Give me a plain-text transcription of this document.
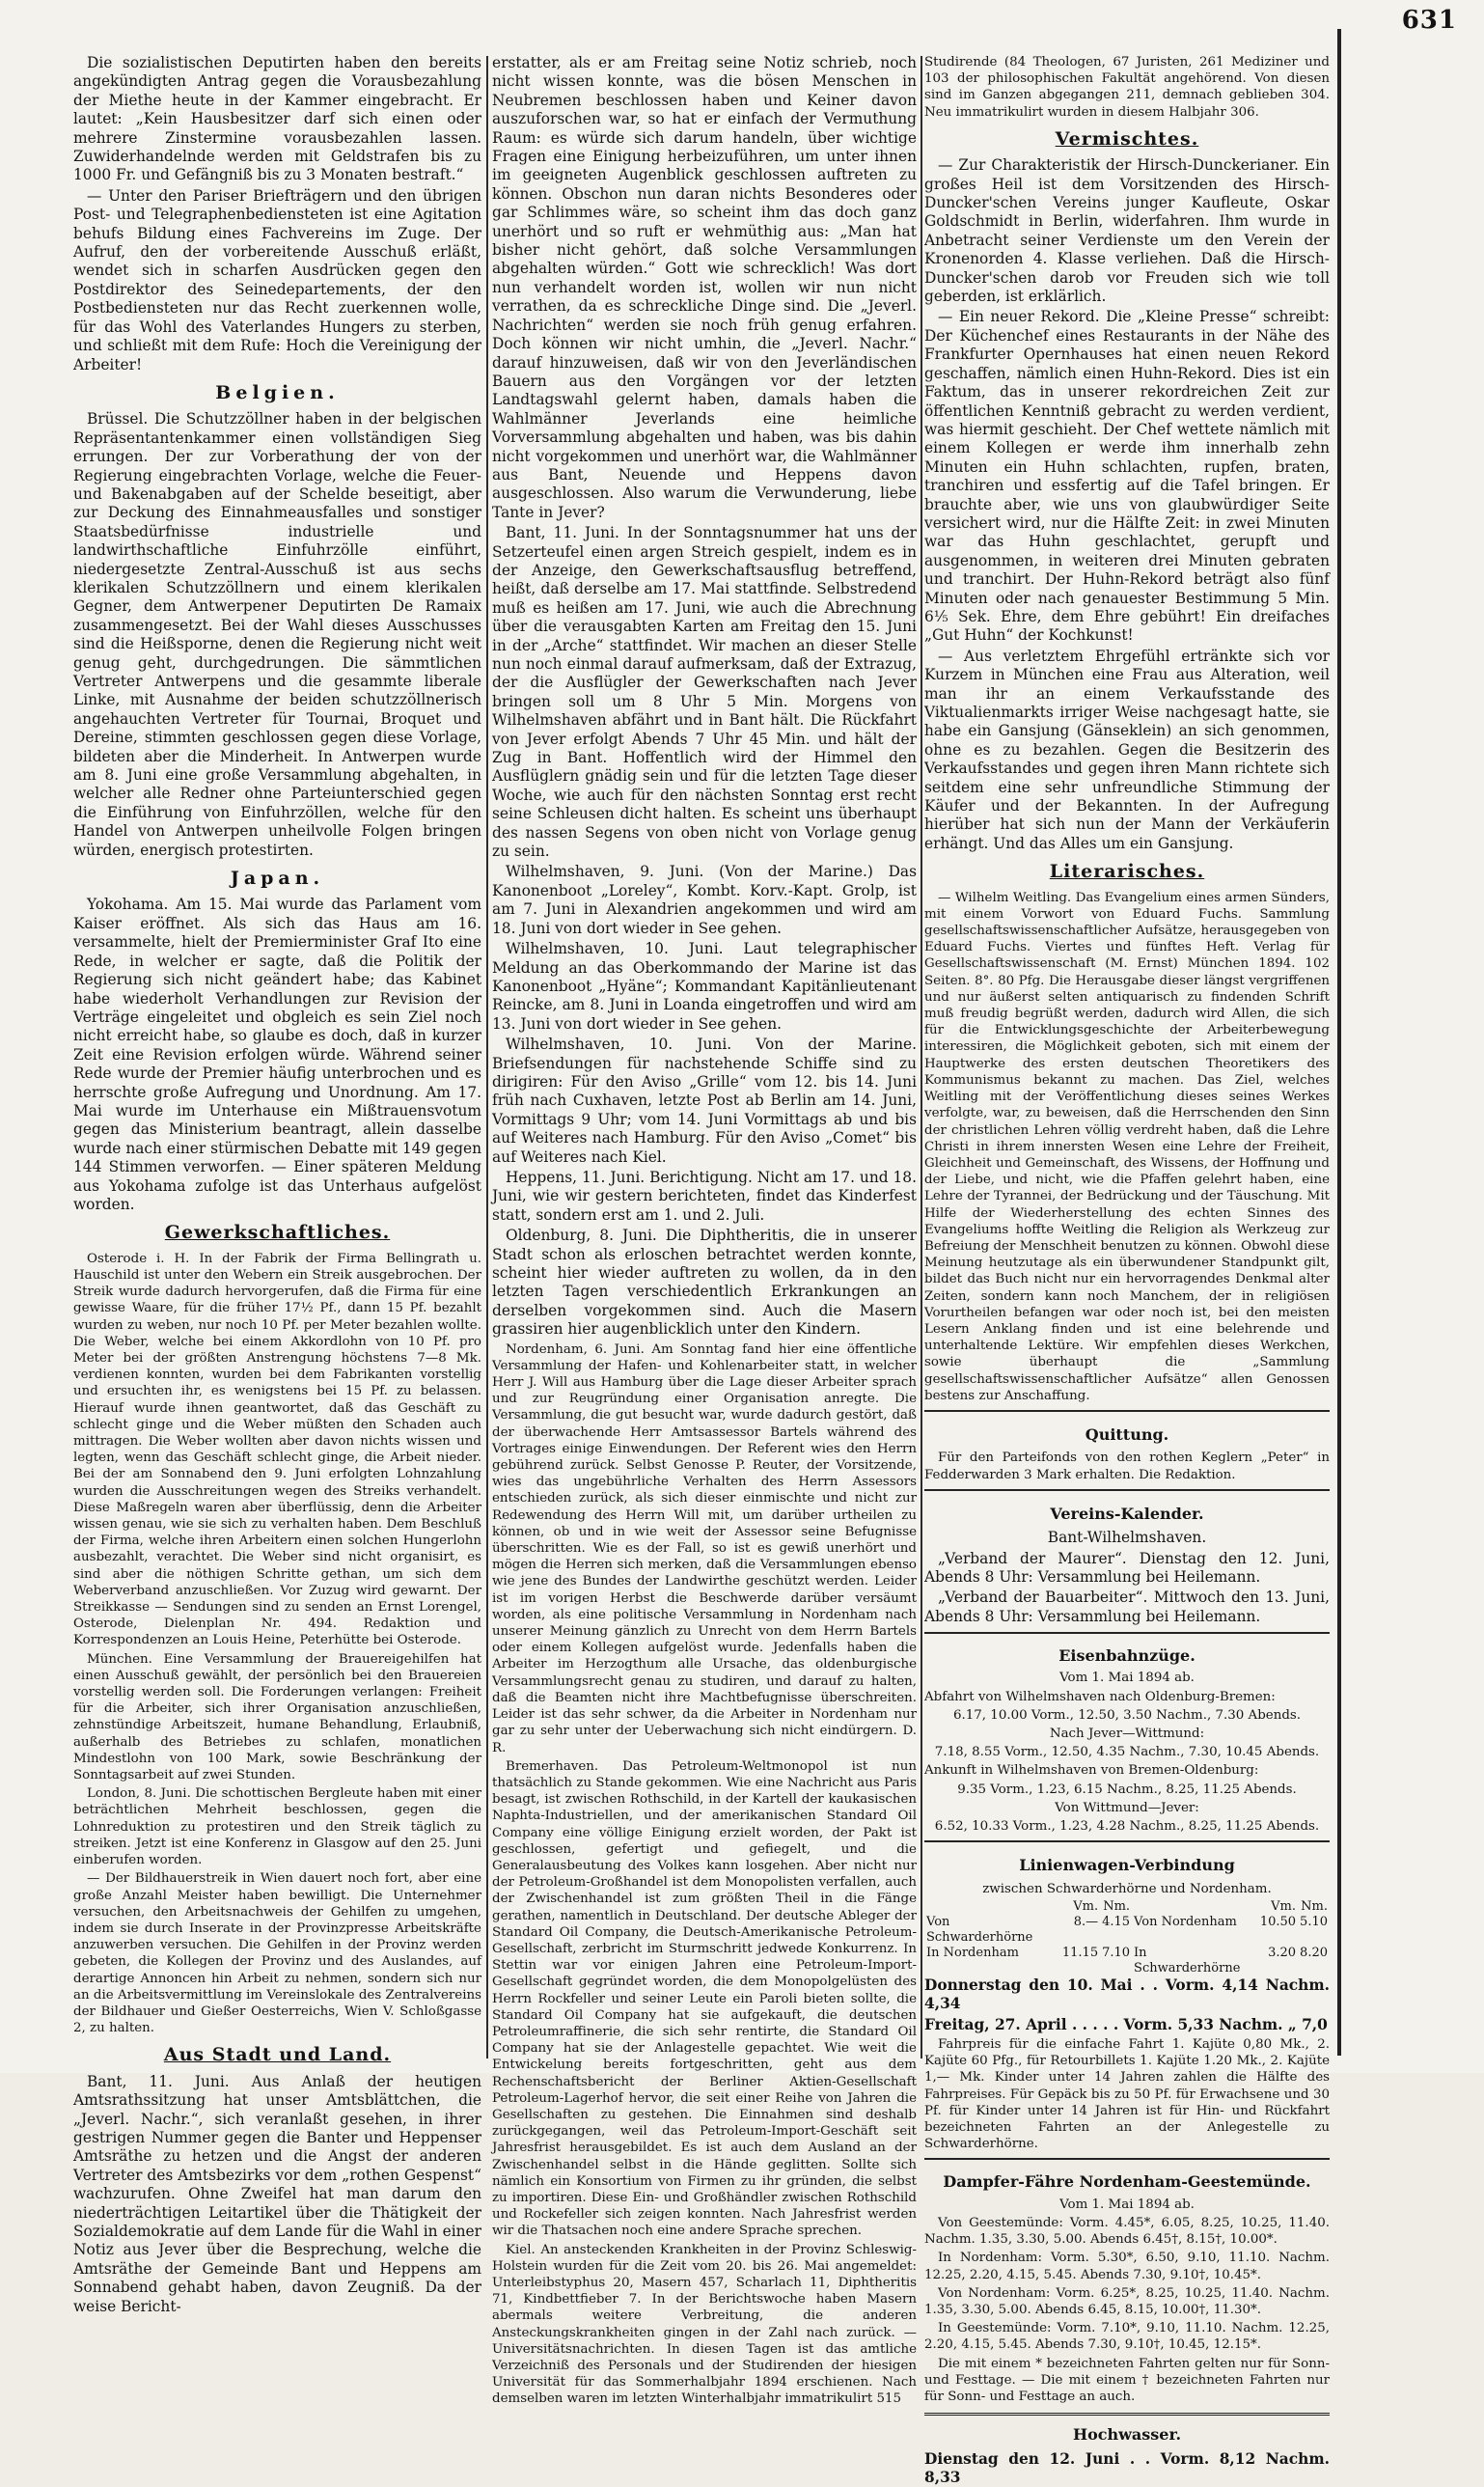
631

Die sozialistischen Deputirten haben den bereits angekündigten Antrag gegen die Vorausbezahlung der Miethe heute in der Kammer eingebracht. Er lautet: „Kein Hausbesitzer darf sich einen oder mehrere Zinstermine vorausbezahlen lassen. Zuwiderhandelnde werden mit Geldstrafen bis zu 1000 Fr. und Gefängniß bis zu 3 Monaten bestraft.“

— Unter den Pariser Briefträgern und den übrigen Post- und Telegraphenbediensteten ist eine Agitation behufs Bildung eines Fachvereins im Zuge. Der Aufruf, den der vorbereitende Ausschuß erläßt, wendet sich in scharfen Ausdrücken gegen den Postdirektor des Seinedepartements, der den Postbediensteten nur das Recht zuerkennen wolle, für das Wohl des Vaterlandes Hungers zu sterben, und schließt mit dem Rufe: Hoch die Vereinigung der Arbeiter!

Belgien.

Brüssel. Die Schutzzöllner haben in der belgischen Repräsentantenkammer einen vollständigen Sieg errungen. Der zur Vorberathung der von der Regierung eingebrachten Vorlage, welche die Feuer- und Bakenabgaben auf der Schelde beseitigt, aber zur Deckung des Einnahmeausfalles und sonstiger Staatsbedürfnisse industrielle und landwirthschaftliche Einfuhrzölle einführt, niedergesetzte Zentral-Ausschuß ist aus sechs klerikalen Schutzzöllnern und einem klerikalen Gegner, dem Antwerpener Deputirten De Ramaix zusammengesetzt. Bei der Wahl dieses Ausschusses sind die Heißsporne, denen die Regierung nicht weit genug geht, durchgedrungen. Die sämmtlichen Vertreter Antwerpens und die gesammte liberale Linke, mit Ausnahme der beiden schutzzöllnerisch angehauchten Vertreter für Tournai, Broquet und Dereine, stimmten geschlossen gegen diese Vorlage, bildeten aber die Minderheit. In Antwerpen wurde am 8. Juni eine große Versammlung abgehalten, in welcher alle Redner ohne Parteiunterschied gegen die Einführung von Einfuhrzöllen, welche für den Handel von Antwerpen unheilvolle Folgen bringen würden, energisch protestirten.

Japan.

Yokohama. Am 15. Mai wurde das Parlament vom Kaiser eröffnet. Als sich das Haus am 16. versammelte, hielt der Premierminister Graf Ito eine Rede, in welcher er sagte, daß die Politik der Regierung sich nicht geändert habe; das Kabinet habe wiederholt Verhandlungen zur Revision der Verträge eingeleitet und obgleich es sein Ziel noch nicht erreicht habe, so glaube es doch, daß in kurzer Zeit eine Revision erfolgen würde. Während seiner Rede wurde der Premier häufig unterbrochen und es herrschte große Aufregung und Unordnung. Am 17. Mai wurde im Unterhause ein Mißtrauensvotum gegen das Ministerium beantragt, allein dasselbe wurde nach einer stürmischen Debatte mit 149 gegen 144 Stimmen verworfen. — Einer späteren Meldung aus Yokohama zufolge ist das Unterhaus aufgelöst worden.

Gewerkschaftliches.

Osterode i. H. In der Fabrik der Firma Bellingrath u. Hauschild ist unter den Webern ein Streik ausgebrochen. Der Streik wurde dadurch hervorgerufen, daß die Firma für eine gewisse Waare, für die früher 17½ Pf., dann 15 Pf. bezahlt wurden zu weben, nur noch 10 Pf. per Meter bezahlen wollte. Die Weber, welche bei einem Akkordlohn von 10 Pf. pro Meter bei der größten Anstrengung höchstens 7—8 Mk. verdienen konnten, wurden bei dem Fabrikanten vorstellig und ersuchten ihr, es wenigstens bei 15 Pf. zu belassen. Hierauf wurde ihnen geantwortet, daß das Geschäft zu schlecht ginge und die Weber müßten den Schaden auch mittragen. Die Weber wollten aber davon nichts wissen und legten, wenn das Geschäft schlecht ginge, die Arbeit nieder. Bei der am Sonnabend den 9. Juni erfolgten Lohnzahlung wurden die Ausschreitungen wegen des Streiks verhandelt. Diese Maßregeln waren aber überflüssig, denn die Arbeiter wissen genau, wie sie sich zu verhalten haben. Dem Beschluß der Firma, welche ihren Arbeitern einen solchen Hungerlohn ausbezahlt, verachtet. Die Weber sind nicht organisirt, es sind aber die nöthigen Schritte gethan, um sich dem Weberverband anzuschließen. Vor Zuzug wird gewarnt. Der Streikkasse — Sendungen sind zu senden an Ernst Lorengel, Osterode, Dielenplan Nr. 494. Redaktion und Korrespondenzen an Louis Heine, Peterhütte bei Osterode.

München. Eine Versammlung der Brauereigehilfen hat einen Ausschuß gewählt, der persönlich bei den Brauereien vorstellig werden soll. Die Forderungen verlangen: Freiheit für die Arbeiter, sich ihrer Organisation anzuschließen, zehnstündige Arbeitszeit, humane Behandlung, Erlaubniß, außerhalb des Betriebes zu schlafen, monatlichen Mindestlohn von 100 Mark, sowie Beschränkung der Sonntagsarbeit auf zwei Stunden.

London, 8. Juni. Die schottischen Bergleute haben mit einer beträchtlichen Mehrheit beschlossen, gegen die Lohnreduktion zu protestiren und den Streik täglich zu streiken. Jetzt ist eine Konferenz in Glasgow auf den 25. Juni einberufen worden.

— Der Bildhauerstreik in Wien dauert noch fort, aber eine große Anzahl Meister haben bewilligt. Die Unternehmer versuchen, den Arbeitsnachweis der Gehilfen zu umgehen, indem sie durch Inserate in der Provinzpresse Arbeitskräfte anzuwerben versuchen. Die Gehilfen in der Provinz werden gebeten, die Kollegen der Provinz und des Auslandes, auf derartige Annoncen hin Arbeit zu nehmen, sondern sich nur an die Arbeitsvermittlung im Vereinslokale des Zentralvereins der Bildhauer und Gießer Oesterreichs, Wien V. Schloßgasse 2, zu halten.

Aus Stadt und Land.

Bant, 11. Juni. Aus Anlaß der heutigen Amtsrathssitzung hat unser Amtsblättchen, die „Jeverl. Nachr.“, sich veranlaßt gesehen, in ihrer gestrigen Nummer gegen die Banter und Heppenser Amtsräthe zu hetzen und die Angst der anderen Vertreter des Amtsbezirks vor dem „rothen Gespenst“ wachzurufen. Ohne Zweifel hat man darum den niederträchtigen Leitartikel über die Thätigkeit der Sozialdemokratie auf dem Lande für die Wahl in einer Notiz aus Jever über die Besprechung, welche die Amtsräthe der Gemeinde Bant und Heppens am Sonnabend gehabt haben, davon Zeugniß. Da der weise Bericht-

erstatter, als er am Freitag seine Notiz schrieb, noch nicht wissen konnte, was die bösen Menschen in Neubremen beschlossen haben und Keiner davon auszuforschen war, so hat er einfach der Vermuthung Raum: es würde sich darum handeln, über wichtige Fragen eine Einigung herbeizuführen, um unter ihnen im geeigneten Augenblick geschlossen auftreten zu können. Obschon nun daran nichts Besonderes oder gar Schlimmes wäre, so scheint ihm das doch ganz unerhört und so ruft er wehmüthig aus: „Man hat bisher nicht gehört, daß solche Versammlungen abgehalten würden.“ Gott wie schrecklich! Was dort nun verhandelt worden ist, wollen wir nun nicht verrathen, da es schreckliche Dinge sind. Die „Jeverl. Nachrichten“ werden sie noch früh genug erfahren. Doch können wir nicht umhin, die „Jeverl. Nachr.“ darauf hinzuweisen, daß wir von den Jeverländischen Bauern aus den Vorgängen vor der letzten Landtagswahl gelernt haben, damals haben die Wahlmänner Jeverlands eine heimliche Vorversammlung abgehalten und haben, was bis dahin nicht vorgekommen und unerhört war, die Wahlmänner aus Bant, Neuende und Heppens davon ausgeschlossen. Also warum die Verwunderung, liebe Tante in Jever?

Bant, 11. Juni. In der Sonntagsnummer hat uns der Setzerteufel einen argen Streich gespielt, indem es in der Anzeige, den Gewerkschaftsausflug betreffend, heißt, daß derselbe am 17. Mai stattfinde. Selbstredend muß es heißen am 17. Juni, wie auch die Abrechnung über die verausgabten Karten am Freitag den 15. Juni in der „Arche“ stattfindet. Wir machen an dieser Stelle nun noch einmal darauf aufmerksam, daß der Extrazug, der die Ausflügler der Gewerkschaften nach Jever bringen soll um 8 Uhr 5 Min. Morgens von Wilhelmshaven abfährt und in Bant hält. Die Rückfahrt von Jever erfolgt Abends 7 Uhr 45 Min. und hält der Zug in Bant. Hoffentlich wird der Himmel den Ausflüglern gnädig sein und für die letzten Tage dieser Woche, wie auch für den nächsten Sonntag erst recht seine Schleusen dicht halten. Es scheint uns überhaupt des nassen Segens von oben nicht von Vorlage genug zu sein.

Wilhelmshaven, 9. Juni. (Von der Marine.) Das Kanonenboot „Loreley“, Kombt. Korv.-Kapt. Grolp, ist am 7. Juni in Alexandrien angekommen und wird am 18. Juni von dort wieder in See gehen.

Wilhelmshaven, 10. Juni. Laut telegraphischer Meldung an das Oberkommando der Marine ist das Kanonenboot „Hyäne“; Kommandant Kapitänlieutenant Reincke, am 8. Juni in Loanda eingetroffen und wird am 13. Juni von dort wieder in See gehen.

Wilhelmshaven, 10. Juni. Von der Marine. Briefsendungen für nachstehende Schiffe sind zu dirigiren: Für den Aviso „Grille“ vom 12. bis 14. Juni früh nach Cuxhaven, letzte Post ab Berlin am 14. Juni, Vormittags 9 Uhr; vom 14. Juni Vormittags ab und bis auf Weiteres nach Hamburg. Für den Aviso „Comet“ bis auf Weiteres nach Kiel.

Heppens, 11. Juni. Berichtigung. Nicht am 17. und 18. Juni, wie wir gestern berichteten, findet das Kinderfest statt, sondern erst am 1. und 2. Juli.

Oldenburg, 8. Juni. Die Diphtheritis, die in unserer Stadt schon als erloschen betrachtet werden konnte, scheint hier wieder auftreten zu wollen, da in den letzten Tagen verschiedentlich Erkrankungen an derselben vorgekommen sind. Auch die Masern grassiren hier augenblicklich unter den Kindern.

Nordenham, 6. Juni. Am Sonntag fand hier eine öffentliche Versammlung der Hafen- und Kohlenarbeiter statt, in welcher Herr J. Will aus Hamburg über die Lage dieser Arbeiter sprach und zur Reugründung einer Organisation anregte. Die Versammlung, die gut besucht war, wurde dadurch gestört, daß der überwachende Herr Amtsassessor Bartels während des Vortrages einige Einwendungen. Der Referent wies den Herrn gebührend zurück. Selbst Genosse P. Reuter, der Vorsitzende, wies das ungebührliche Verhalten des Herrn Assessors entschieden zurück, als sich dieser einmischte und nicht zur Redewendung des Herrn Will mit, um darüber urtheilen zu können, ob und in wie weit der Assessor seine Befugnisse überschritten. Wie es der Fall, so ist es gewiß unerhört und mögen die Herren sich merken, daß die Versammlungen ebenso wie jene des Bundes der Landwirthe geschützt werden. Leider ist im vorigen Herbst die Beschwerde darüber versäumt worden, als eine politische Versammlung in Nordenham nach unserer Meinung gänzlich zu Unrecht von dem Herrn Bartels oder einem Kollegen aufgelöst wurde. Jedenfalls haben die Arbeiter im Herzogthum alle Ursache, das oldenburgische Versammlungsrecht genau zu studiren, und darauf zu halten, daß die Beamten nicht ihre Machtbefugnisse überschreiten. Leider ist das sehr schwer, da die Arbeiter in Nordenham nur gar zu sehr unter der Ueberwachung sich nicht eindürgern. D. R.

Bremerhaven. Das Petroleum-Weltmonopol ist nun thatsächlich zu Stande gekommen. Wie eine Nachricht aus Paris besagt, ist zwischen Rothschild, in der Kartell der kaukasischen Naphta-Industriellen, und der amerikanischen Standard Oil Company eine völlige Einigung erzielt worden, der Pakt ist geschlossen, gefertigt und gefiegelt, und die Generalausbeutung des Volkes kann losgehen. Aber nicht nur der Petroleum-Großhandel ist dem Monopolisten verfallen, auch der Zwischenhandel ist zum größten Theil in die Fänge gerathen, namentlich in Deutschland. Der deutsche Ableger der Standard Oil Company, die Deutsch-Amerikanische Petroleum-Gesellschaft, zerbricht im Sturmschritt jedwede Konkurrenz. In Stettin war vor einigen Jahren eine Petroleum-Import-Gesellschaft gegründet worden, die dem Monopolgelüsten des Herrn Rockfeller und seiner Leute ein Paroli bieten sollte, die Standard Oil Company hat sie aufgekauft, die deutschen Petroleumraffinerie, die sich sehr rentirte, die Standard Oil Company hat sie der Anlagestelle gepachtet. Wie weit die Entwickelung bereits fortgeschritten, geht aus dem Rechenschaftsbericht der Berliner Aktien-Gesellschaft Petroleum-Lagerhof hervor, die seit einer Reihe von Jahren die Gesellschaften zu gestehen. Die Einnahmen sind deshalb zurückgegangen, weil das Petroleum-Import-Geschäft seit Jahresfrist herausgebildet. Es ist auch dem Ausland an der Zwischenhandel selbst in die Hände geglitten. Sollte sich nämlich ein Konsortium von Firmen zu ihr gründen, die selbst zu importiren. Diese Ein- und Großhändler zwischen Rothschild und Rockefeller sich zeigen konnten. Nach Jahresfrist werden wir die Thatsachen noch eine andere Sprache sprechen.

Kiel. An ansteckenden Krankheiten in der Provinz Schleswig-Holstein wurden für die Zeit vom 20. bis 26. Mai angemeldet: Unterleibstyphus 20, Masern 457, Scharlach 11, Diphtheritis 71, Kindbettfieber 7. In der Berichtswoche haben Masern abermals weitere Verbreitung, die anderen Ansteckungskrankheiten gingen in der Zahl nach zurück. — Universitätsnachrichten. In diesen Tagen ist das amtliche Verzeichniß des Personals und der Studirenden der hiesigen Universität für das Sommerhalbjahr 1894 erschienen. Nach demselben waren im letzten Winterhalbjahr immatrikulirt 515

Studirende (84 Theologen, 67 Juristen, 261 Mediziner und 103 der philosophischen Fakultät angehörend. Von diesen sind im Ganzen abgegangen 211, demnach geblieben 304. Neu immatrikulirt wurden in diesem Halbjahr 306.

Vermischtes.

— Zur Charakteristik der Hirsch-Dunckerianer. Ein großes Heil ist dem Vorsitzenden des Hirsch-Duncker'schen Vereins junger Kaufleute, Oskar Goldschmidt in Berlin, widerfahren. Ihm wurde in Anbetracht seiner Verdienste um den Verein der Kronenorden 4. Klasse verliehen. Daß die Hirsch-Duncker'schen darob vor Freuden sich wie toll geberden, ist erklärlich.

— Ein neuer Rekord. Die „Kleine Presse“ schreibt: Der Küchenchef eines Restaurants in der Nähe des Frankfurter Opernhauses hat einen neuen Rekord geschaffen, nämlich einen Huhn-Rekord. Dies ist ein Faktum, das in unserer rekordreichen Zeit zur öffentlichen Kenntniß gebracht zu werden verdient, was hiermit geschieht. Der Chef wettete nämlich mit einem Kollegen er werde ihm innerhalb zehn Minuten ein Huhn schlachten, rupfen, braten, tranchiren und essfertig auf die Tafel bringen. Er brauchte aber, wie uns von glaubwürdiger Seite versichert wird, nur die Hälfte Zeit: in zwei Minuten war das Huhn geschlachtet, gerupft und ausgenommen, in weiteren drei Minuten gebraten und tranchirt. Der Huhn-Rekord beträgt also fünf Minuten oder nach genauester Bestimmung 5 Min. 6⅕ Sek. Ehre, dem Ehre gebührt! Ein dreifaches „Gut Huhn“ der Kochkunst!

— Aus verletztem Ehrgefühl ertränkte sich vor Kurzem in München eine Frau aus Alteration, weil man ihr an einem Verkaufsstande des Viktualienmarkts irriger Weise nachgesagt hatte, sie habe ein Gansjung (Gänseklein) an sich genommen, ohne es zu bezahlen. Gegen die Besitzerin des Verkaufsstandes und gegen ihren Mann richtete sich seitdem eine sehr unfreundliche Stimmung der Käufer und der Bekannten. In der Aufregung hierüber hat sich nun der Mann der Verkäuferin erhängt. Und das Alles um ein Gansjung.

Literarisches.

— Wilhelm Weitling. Das Evangelium eines armen Sünders, mit einem Vorwort von Eduard Fuchs. Sammlung gesellschaftswissenschaftlicher Aufsätze, herausgegeben von Eduard Fuchs. Viertes und fünftes Heft. Verlag für Gesellschaftswissenschaft (M. Ernst) München 1894. 102 Seiten. 8°. 80 Pfg. Die Herausgabe dieser längst vergriffenen und nur äußerst selten antiquarisch zu findenden Schrift muß freudig begrüßt werden, dadurch wird Allen, die sich für die Entwicklungsgeschichte der Arbeiterbewegung interessiren, die Möglichkeit geboten, sich mit einem der Hauptwerke des ersten deutschen Theoretikers des Kommunismus bekannt zu machen. Das Ziel, welches Weitling mit der Veröffentlichung dieses seines Werkes verfolgte, war, zu beweisen, daß die Herrschenden den Sinn der christlichen Lehren völlig verdreht haben, daß die Lehre Christi in ihrem innersten Wesen eine Lehre der Freiheit, Gleichheit und Gemeinschaft, des Wissens, der Hoffnung und der Liebe, und nicht, wie die Pfaffen gelehrt haben, eine Lehre der Tyrannei, der Bedrückung und der Täuschung. Mit Hilfe der Wiederherstellung des echten Sinnes des Evangeliums hoffte Weitling die Religion als Werkzeug zur Befreiung der Menschheit benutzen zu können. Obwohl diese Meinung heutzutage als ein überwundener Standpunkt gilt, bildet das Buch nicht nur ein hervorragendes Denkmal alter Zeiten, sondern kann noch Manchem, der in religiösen Vorurtheilen befangen war oder noch ist, bei den meisten Lesern Anklang finden und ist eine belehrende und unterhaltende Lektüre. Wir empfehlen dieses Werkchen, sowie überhaupt die „Sammlung gesellschaftswissenschaftlicher Aufsätze“ allen Genossen bestens zur Anschaffung.

Quittung.

Für den Parteifonds von den rothen Keglern „Peter“ in Fedderwarden 3 Mark erhalten. Die Redaktion.

Vereins-Kalender.

Bant-Wilhelmshaven.

„Verband der Maurer“. Dienstag den 12. Juni, Abends 8 Uhr: Versammlung bei Heilemann.

„Verband der Bauarbeiter“. Mittwoch den 13. Juni, Abends 8 Uhr: Versammlung bei Heilemann.

Eisenbahnzüge.

Vom 1. Mai 1894 ab.

Abfahrt von Wilhelmshaven nach Oldenburg-Bremen:

6.17, 10.00 Vorm., 12.50, 3.50 Nachm., 7.30 Abends.

Nach Jever—Wittmund:

7.18, 8.55 Vorm., 12.50, 4.35 Nachm., 7.30, 10.45 Abends.

Ankunft in Wilhelmshaven von Bremen-Oldenburg:

9.35 Vorm., 1.23, 6.15 Nachm., 8.25, 11.25 Abends.

Von Wittmund—Jever:

6.52, 10.33 Vorm., 1.23, 4.28 Nachm., 8.25, 11.25 Abends.

Linienwagen-Verbindung

zwischen Schwarderhörne und Nordenham.

	Vm.	Nm.		Vm.	Nm.
Von Schwarderhörne	8.—	4.15	Von Nordenham	10.50	5.10
In Nordenham	11.15	7.10	In Schwarderhörne	3.20	8.20

Donnerstag den 10. Mai . . Vorm. 4,14 Nachm. 4,34

Freitag, 27. April . . . . . Vorm. 5,33 Nachm. „ 7,0

Fahrpreis für die einfache Fahrt 1. Kajüte 0,80 Mk., 2. Kajüte 60 Pfg., für Retourbillets 1. Kajüte 1.20 Mk., 2. Kajüte 1,— Mk. Kinder unter 14 Jahren zahlen die Hälfte des Fahrpreises. Für Gepäck bis zu 50 Pf. für Erwachsene und 30 Pf. für Kinder unter 14 Jahren ist für Hin- und Rückfahrt bezeichneten Fahrten an der Anlegestelle zu Schwarderhörne.

Dampfer-Fähre Nordenham-Geestemünde.

Vom 1. Mai 1894 ab.

Von Geestemünde: Vorm. 4.45*, 6.05, 8.25, 10.25, 11.40. Nachm. 1.35, 3.30, 5.00. Abends 6.45†, 8.15†, 10.00*.

In Nordenham: Vorm. 5.30*, 6.50, 9.10, 11.10. Nachm. 12.25, 2.20, 4.15, 5.45. Abends 7.30, 9.10†, 10.45*.

Von Nordenham: Vorm. 6.25*, 8.25, 10.25, 11.40. Nachm. 1.35, 3.30, 5.00. Abends 6.45, 8.15, 10.00†, 11.30*.

In Geestemünde: Vorm. 7.10*, 9.10, 11.10. Nachm. 12.25, 2.20, 4.15, 5.45. Abends 7.30, 9.10†, 10.45, 12.15*.

Die mit einem * bezeichneten Fahrten gelten nur für Sonn- und Festtage. — Die mit einem † bezeichneten Fahrten nur für Sonn- und Festtage an auch.

Hochwasser.

Dienstag den 12. Juni . . Vorm. 8,12 Nachm. 8,33
